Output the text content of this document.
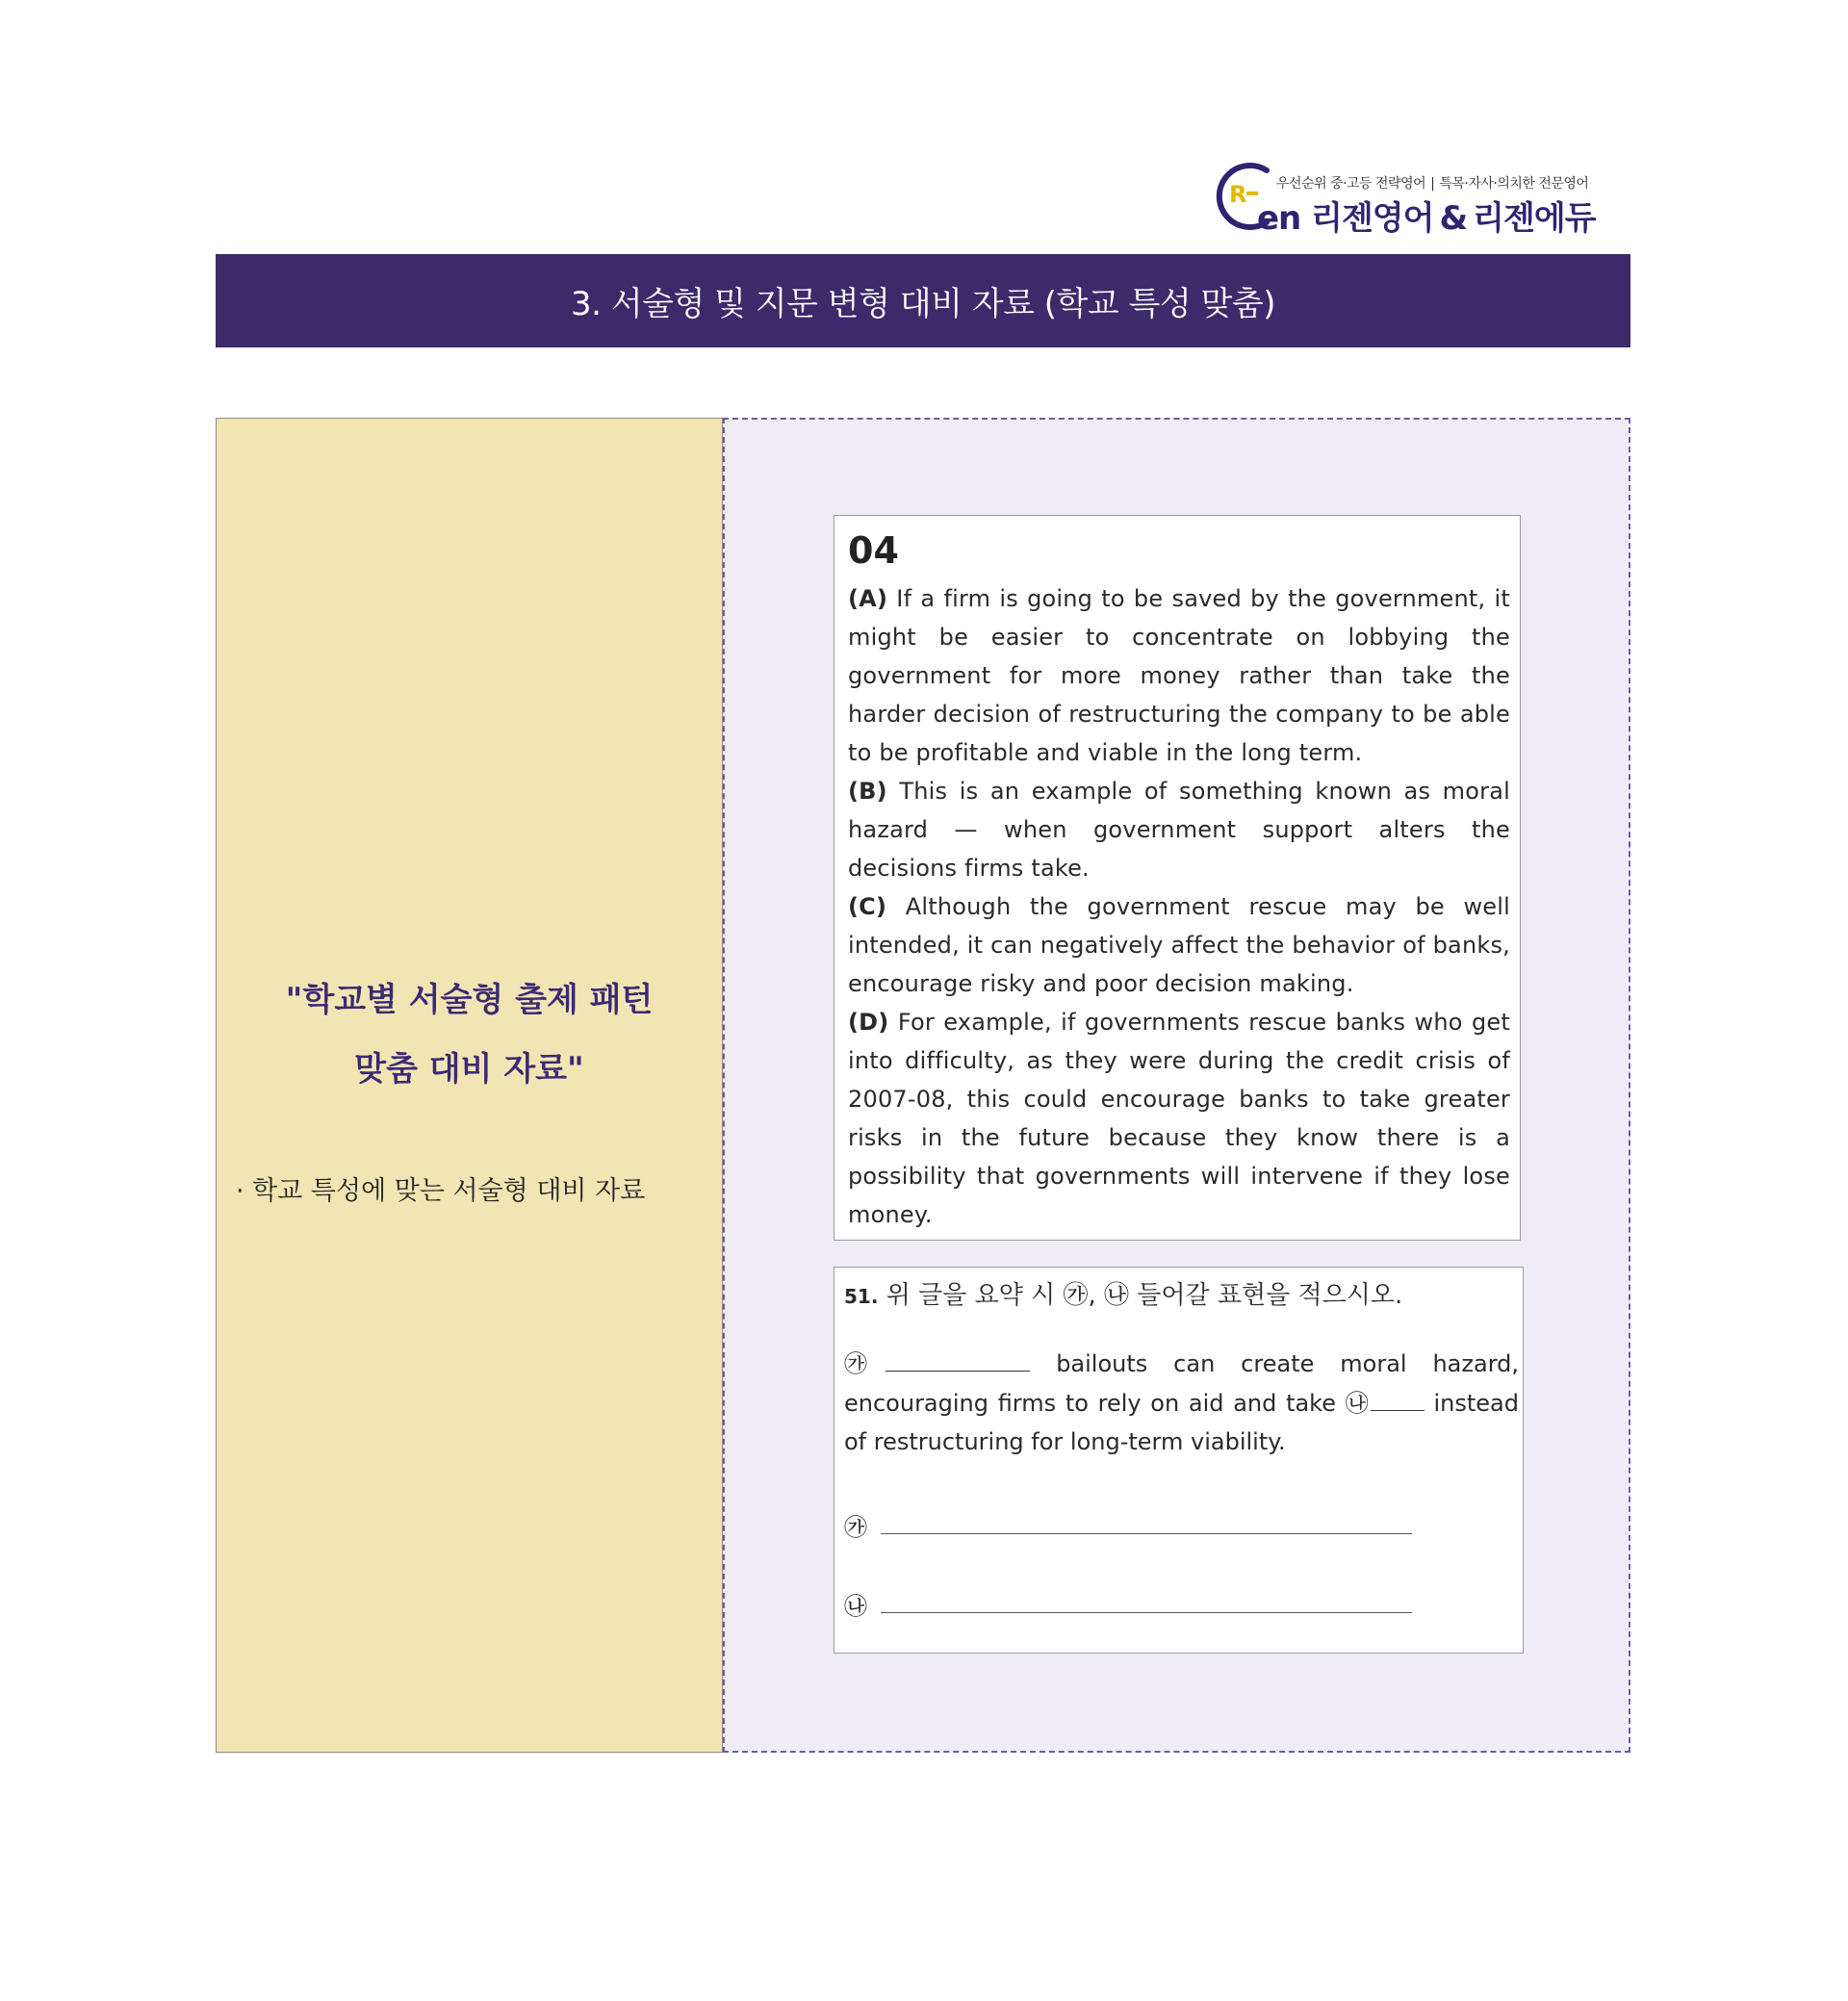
R 우선순위 중·고등 전략영어 | 특목·자사·의치한 전문영어
en 리젠영어 & 리젠에듀
3. 서술형 및 지문 변형 대비 자료 (학교 특성 맞춤)
"학교별 서술형 출제 패턴
맞춤 대비 자료"
· 학교 특성에 맞는 서술형 대비 자료
04

(A) If a firm is going to be saved by the government, it might be easier to concentrate on lobbying the government for more money rather than take the harder decision of restructuring the company to be able to be profitable and viable in the long term.

(B) This is an example of something known as moral hazard — when government support alters the decisions firms take.

(C) Although the government rescue may be well intended, it can negatively affect the behavior of banks, encourage risky and poor decision making.

(D) For example, if governments rescue banks who get into difficulty, as they were during the credit crisis of 2007-08, this could encourage banks to take greater risks in the future because they know there is a possibility that governments will intervene if they lose money.

51. 위 글을 요약 시 ㉮, ㉯ 들어갈 표현을 적으시오.
㉮	bailouts can create moral hazard, encouraging firms to rely on aid and take ㉯	instead of restructuring for long-term viability.
㉮
㉯
